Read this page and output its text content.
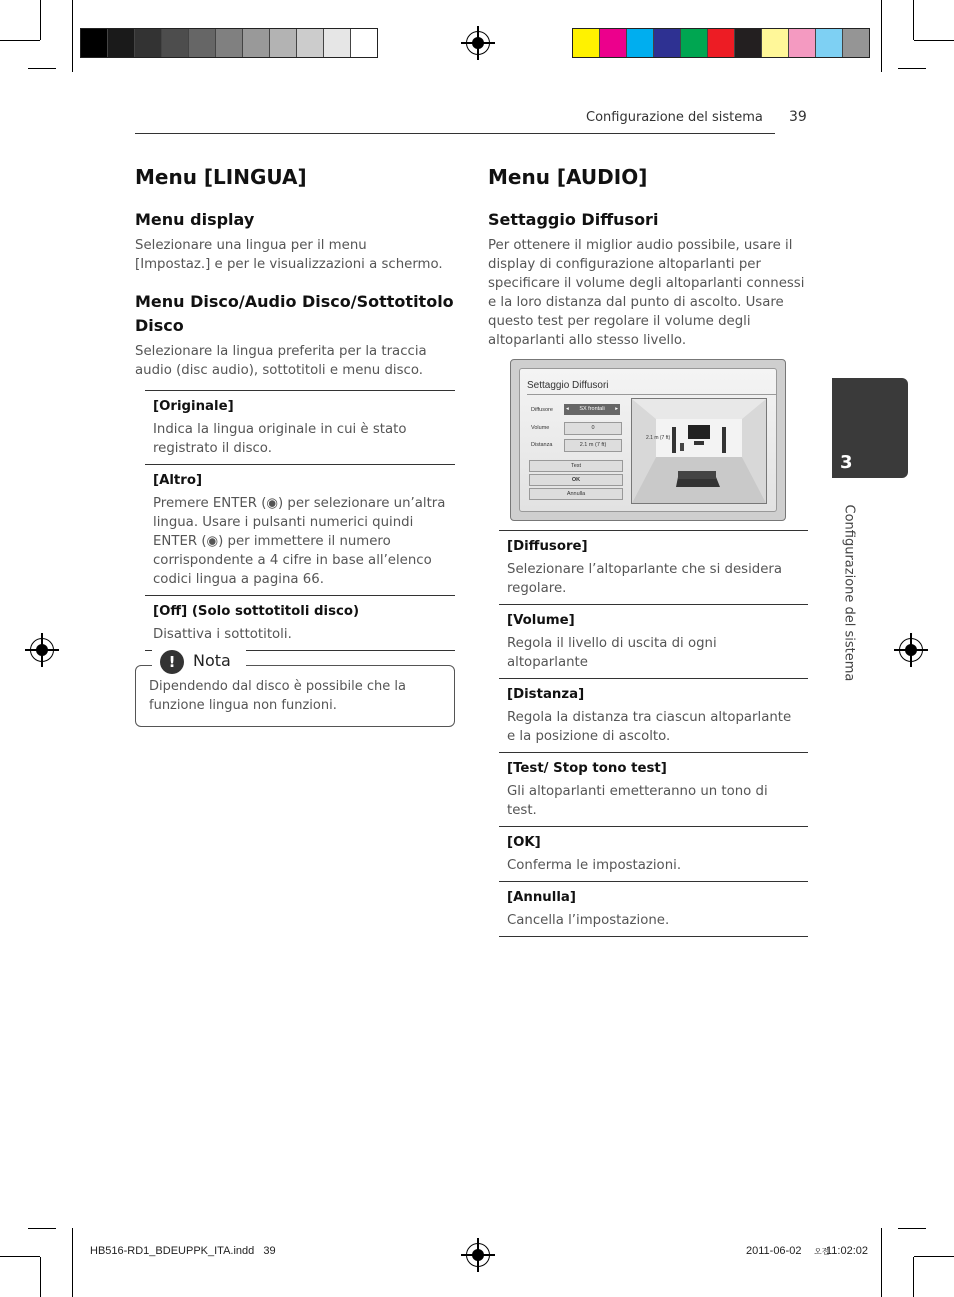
Configurazione del sistema 39
3
Configurazione del sistema
Menu [LINGUA]
Menu display

Selezionare una lingua per il menu [Impostaz.] e per le visualizzazioni a schermo.

Menu Disco/Audio Disco/Sottotitolo Disco

Selezionare la lingua preferita per la traccia audio (disc audio), sottotitoli e menu disco.

[Originale]
Indica la lingua originale in cui è stato registrato il disco.
[Altro]
Premere ENTER (◉) per selezionare un’altra lingua. Usare i pulsanti numerici quindi ENTER (◉) per immettere il numero corrispondente a 4 cifre in base all’elenco codici lingua a pagina 66.
[Off] (Solo sottotitoli disco)
Disattiva i sottotitoli.
!	Nota

Dipendendo dal disco è possibile che la funzione lingua non funzioni.

Menu [AUDIO]
Settaggio Diffusori

Per ottenere il miglior audio possibile, usare il display di configurazione altoparlanti per specificare il volume degli altoparlanti connessi e la loro distanza dal punto di ascolto. Usare questo test per regolare il volume degli altoparlanti allo stesso livello.

Settaggio Diffusori
Diffusore ◂ SX frontali ▸
Volume	0
Distanza	2.1 m (7 ft)
Test
OK
Annulla
2.1 m (7 ft)
[Diffusore]
Selezionare l’altoparlante che si desidera regolare.
[Volume]
Regola il livello di uscita di ogni altoparlante
[Distanza]
Regola la distanza tra ciascun altoparlante e la posizione di ascolto.
[Test/ Stop tono test]
Gli altoparlanti emetteranno un tono di test.
[OK]
Conferma le impostazioni.
[Annulla]
Cancella l’impostazione.
HB516-RD1_BDEUPPK_ITA.indd   39	2011-06-02 오전
11:02:02
